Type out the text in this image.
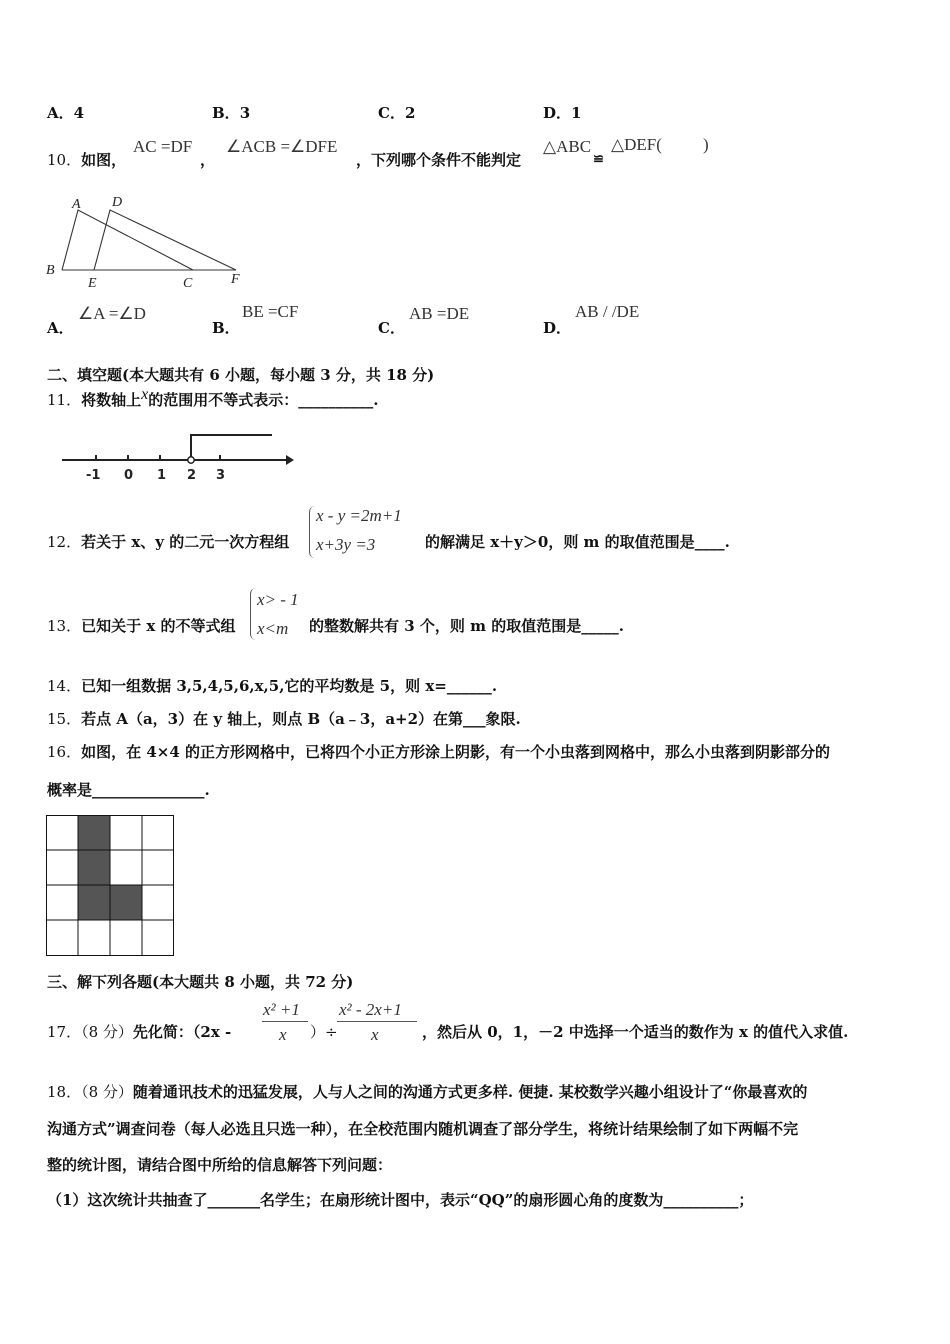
A．4	B．3	C．2	D．1
10．如图，
AC =DF
，
∠ACB =∠DFE
，下列哪个条件不能判定
△ABC
≌
△DEF( )
A D
B
E	C	F
A．
∠A =∠D
B．
BE =CF
C．
AB =DE
D．
AB / /DE
二、填空题(本大题共有 6 小题，每小题 3 分，共 18 分)
11．将数轴上x的范围用不等式表示：__________.
-1 0 1 2 3
12．若关于 x、y 的二元一次方程组
x - y =2m+1
x+3y =3	的解满足 x＋y＞0，则 m 的取值范围是____.
13．已知关于 x 的不等式组
x> - 1
x<m 的整数解共有 3 个，则 m 的取值范围是_____.
14．已知一组数据 3,5,4,5,6,x,5,它的平均数是 5，则 x=______.
15．若点 A（a，3）在 y 轴上，则点 B（a﹣3，a+2）在第___象限.
16．如图，在 4×4 的正方形网格中，已将四个小正方形涂上阴影，有一个小虫落到网格中，那么小虫落到阴影部分的
概率是_______________.
三、解下列各题(本大题共 8 小题，共 72 分)
17．（8 分）先化简：（2x -
x² +1
x ）÷
x² - 2x+1
x	，然后从 0，1，－2 中选择一个适当的数作为 x 的值代入求值.
18．（8 分）随着通讯技术的迅猛发展，人与人之间的沟通方式更多样. 便捷. 某校数学兴趣小组设计了“你最喜欢的
沟通方式”调查问卷（每人必选且只选一种），在全校范围内随机调查了部分学生，将统计结果绘制了如下两幅不完
整的统计图，请结合图中所给的信息解答下列问题：
（1）这次统计共抽查了_______名学生；在扇形统计图中，表示“QQ”的扇形圆心角的度数为__________；
